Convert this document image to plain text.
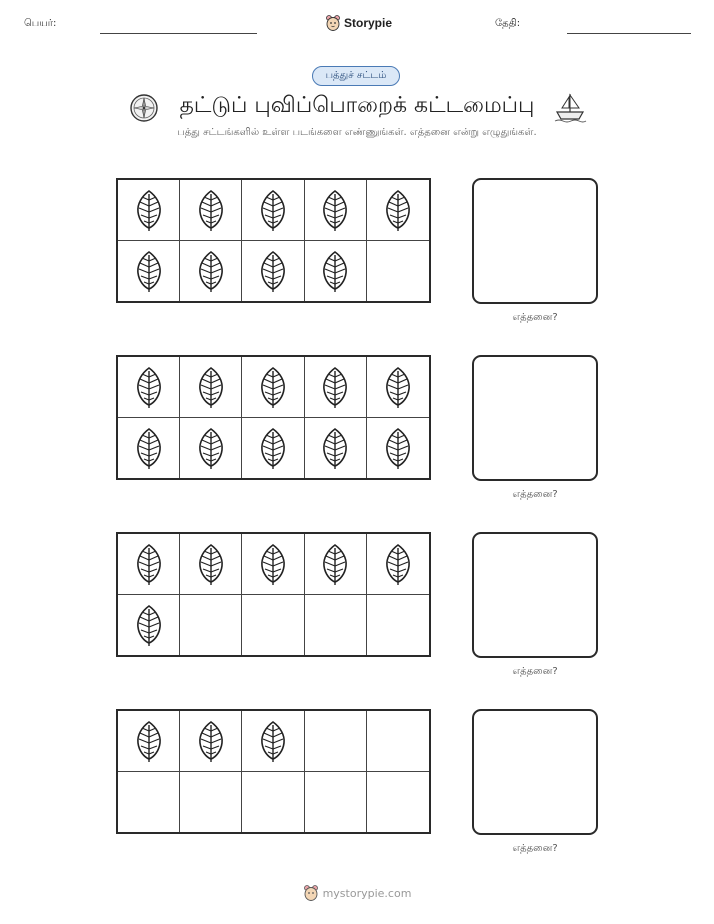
பெயர்:	Storypie	தேதி:
பத்துச் சட்டம்
தட்டுப் புவிப்பொறைக் கட்டமைப்பு
பத்து சட்டங்களில் உள்ள படங்களை எண்ணுங்கள். எத்தனை என்று எழுதுங்கள்.
எத்தனை?
எத்தனை?
எத்தனை?
எத்தனை?
mystorypie.com
